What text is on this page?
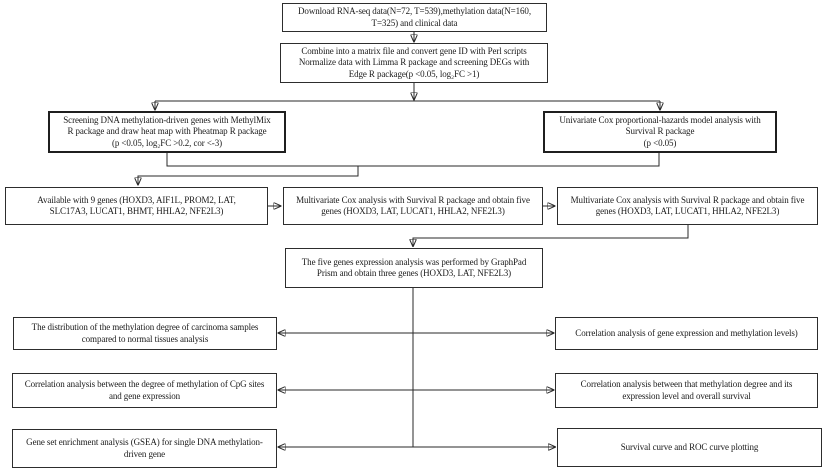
Download RNA-seq data(N=72, T=539),methylation data(N=160,
T=325) and clinical data
Combine into a matrix file and convert gene ID with Perl scripts
Normalize data with Limma R package and screening DEGs with
Edge R package(p <0.05, log₂FC >1)
Screening DNA methylation-driven genes with MethylMix
R package and draw heat map with Pheatmap R package
(p <0.05, log₂FC >0.2, cor <-3)
Univariate Cox proportional-hazards model analysis with
Survival R package
(p <0.05)
Available with 9 genes (HOXD3, AIF1L, PROM2, LAT,
SLC17A3, LUCAT1, BHMT, HHLA2, NFE2L3)
Multivariate Cox analysis with Survival R package and obtain five
genes (HOXD3, LAT, LUCAT1, HHLA2, NFE2L3)
Multivariate Cox analysis with Survival R package and obtain five
genes (HOXD3, LAT, LUCAT1, HHLA2, NFE2L3)
The five genes expression analysis was performed by GraphPad
Prism and obtain three genes (HOXD3, LAT, NFE2L3)
The distribution of the methylation degree of carcinoma samples
compared to normal tissues analysis
Correlation analysis of gene expression and methylation levels)
Correlation analysis between the degree of methylation of CpG sites
and gene expression
Correlation analysis between that methylation degree and its
expression level and overall survival
Gene set enrichment analysis (GSEA) for single DNA methylation-
driven gene
Survival curve and ROC curve plotting
